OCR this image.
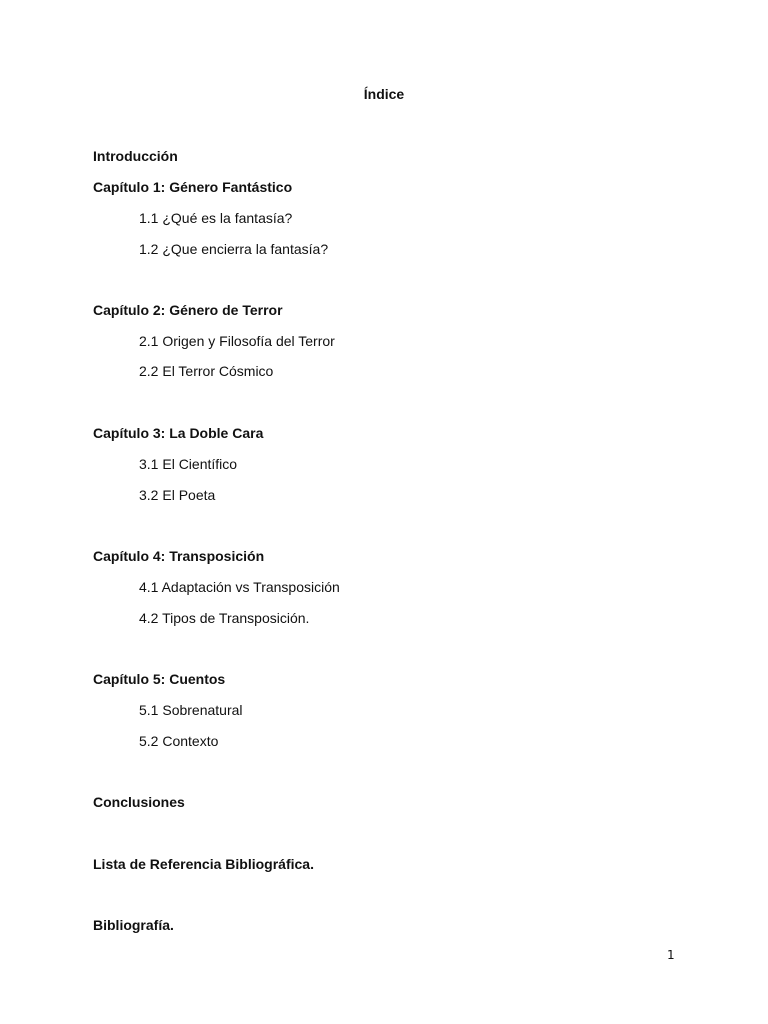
Índice
Introducción
Capítulo 1: Género Fantástico
1.1 ¿Qué es la fantasía?
1.2 ¿Que encierra la fantasía?
Capítulo 2: Género de Terror
2.1 Origen y Filosofía del Terror
2.2 El Terror Cósmico
Capítulo 3: La Doble Cara
3.1 El Científico
3.2 El Poeta
Capítulo 4: Transposición
4.1 Adaptación vs Transposición
4.2 Tipos de Transposición.
Capítulo 5: Cuentos
5.1 Sobrenatural
5.2 Contexto
Conclusiones
Lista de Referencia Bibliográfica.
Bibliografía.
1
